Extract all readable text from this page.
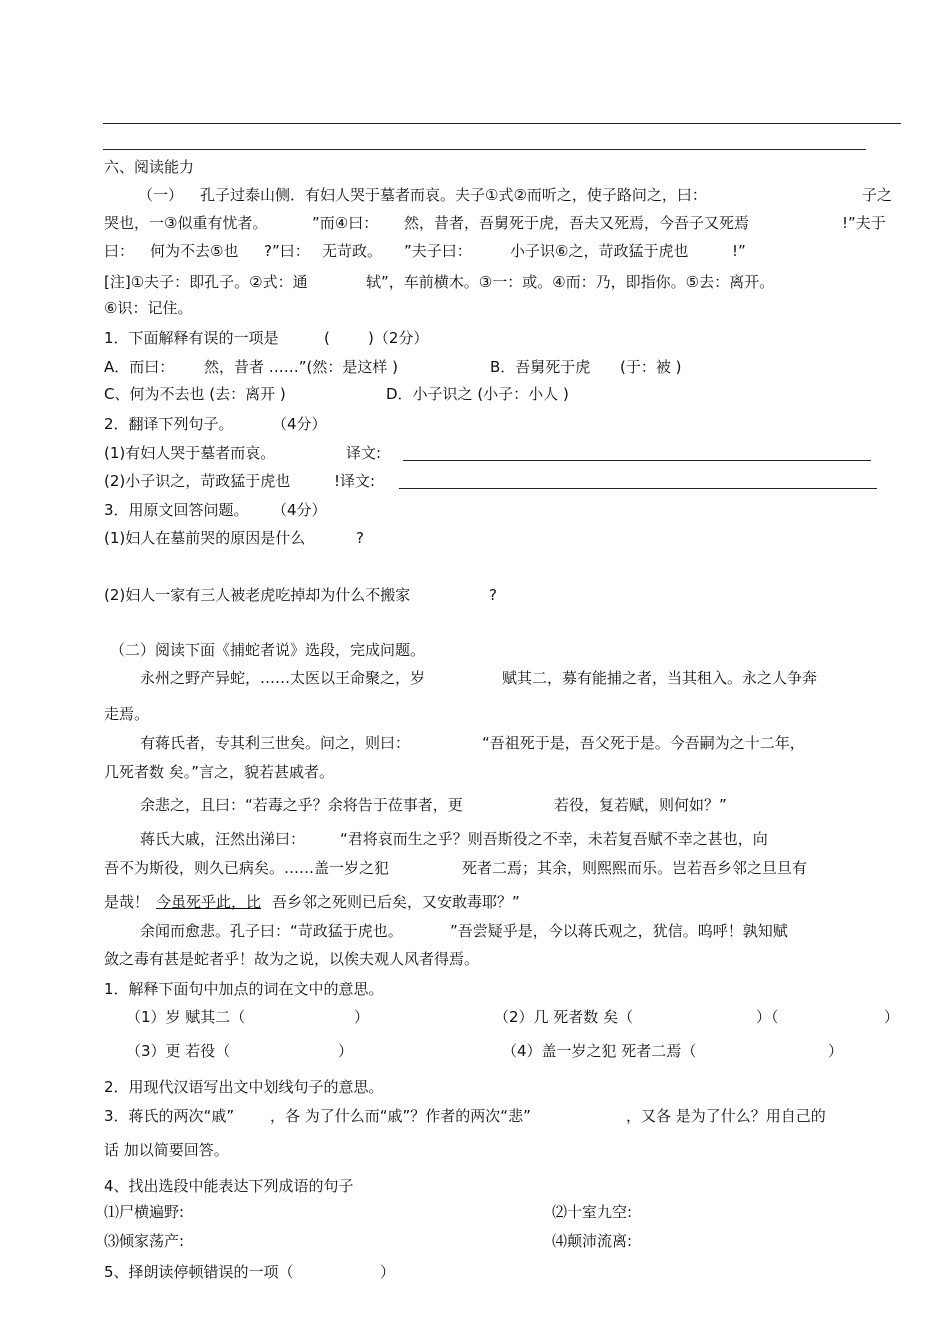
六、阅读能力
（一） 孔子过泰山侧．有妇人哭于墓者而哀。夫子①式②而听之，使子路问之，曰：	子之
哭也，一③似重有忧者。	”而④曰： 然，昔者，吾舅死于虎，吾夫又死焉，今吾子又死焉	!”夫于
曰： 何为不去⑤也 ?”曰： 无苛政。 ”夫子曰：	小子识⑥之，苛政猛于虎也	!”
[注]①夫子：即孔子。②式：通	轼”，车前横木。③一：或。④而：乃，即指你。⑤去：离开。
⑥识：记住。
1．下面解释有误的一项是	(	)（2分）
A．而曰： 然，昔者 ……”(然：是这样 )	B．吾舅死于虎 (于：被 )
C、何为不去也 (去：离开 )	D．小子识之 (小子：小人 )
2．翻译下列句子。	（4分）
(1)有妇人哭于墓者而哀。	译文:
(2)小子识之，苛政猛于虎也	!译文:
3．用原文回答问题。 （4分）
(1)妇人在墓前哭的原因是什么	?
(2)妇人一家有三人被老虎吃掉却为什么不搬家	?
（二）阅读下面《捕蛇者说》选段，完成问题。
永州之野产异蛇，……太医以王命聚之，岁	赋其二，募有能捕之者，当其租入。永之人争奔
走焉。
有蒋氏者，专其利三世矣。问之，则曰：	“吾祖死于是，吾父死于是。今吾嗣为之十二年，
几死者数 矣。”言之，貌若甚戚者。
余悲之，且曰：“若毒之乎？余将告于莅事者，更	若役，复若赋，则何如？”
蒋氏大戚，汪然出涕曰： “君将哀而生之乎？则吾斯役之不幸，未若复吾赋不幸之甚也，向
吾不为斯役，则久已病矣。……盖一岁之犯	死者二焉；其余，则熙熙而乐。岂若吾乡邻之旦旦有
是哉！ 今虽死乎此，比 吾乡邻之死则已后矣，又安敢毒耶？”
余闻而愈悲。孔子曰：“苛政猛于虎也。	”吾尝疑乎是，今以蒋氏观之，犹信。呜呼！孰知赋
敛之毒有甚是蛇者乎！故为之说，以俟夫观人风者得焉。
1．解释下面句中加点的词在文中的意思。
（1）岁 赋其二（	）	（2）几 死者数 矣（	）（	）
（3）更 若役（	）	（4）盖一岁之犯 死者二焉（	）
2．用现代汉语写出文中划线句子的意思。
3．蒋氏的两次“戚” ，各 为了什么而“戚”？作者的两次“悲”	，又各 是为了什么？用自己的
话 加以简要回答。
4、找出选段中能表达下列成语的句子
⑴尸横遍野:	⑵十室九空:
⑶倾家荡产:	⑷颠沛流离:
5、择朗读停顿错误的一项（	）
